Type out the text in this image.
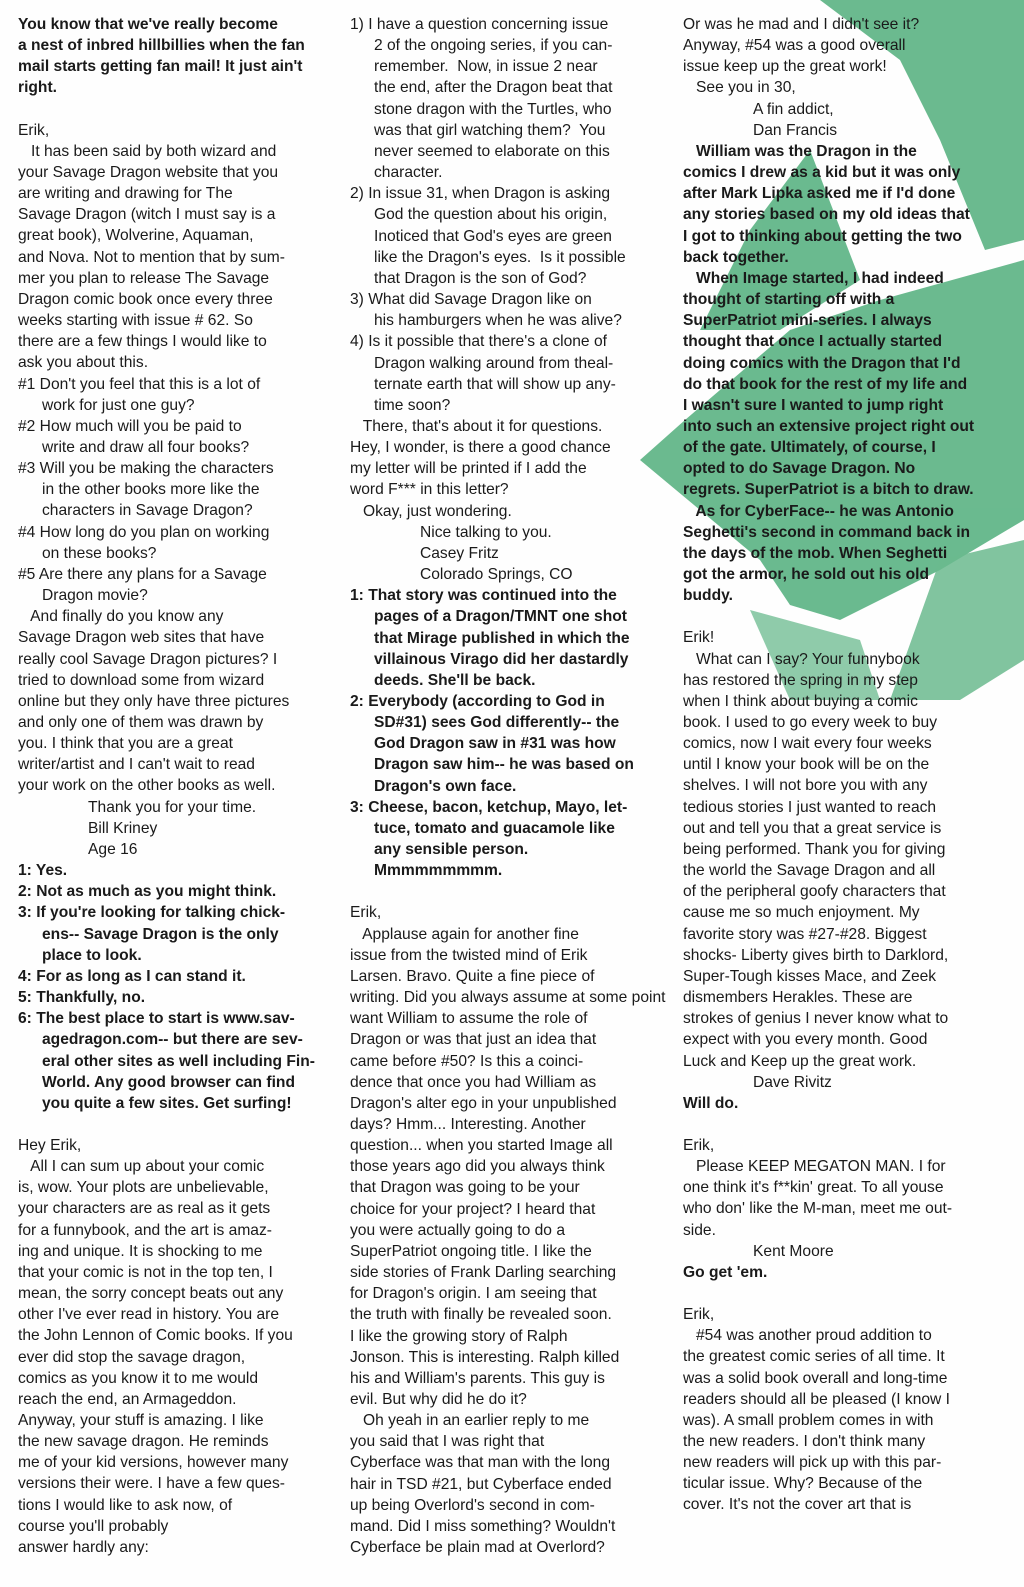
You know that we've really become
a nest of inbred hillbillies when the fan
mail starts getting fan mail! It just ain't
right.
Erik,
It has been said by both wizard and
your Savage Dragon website that you
are writing and drawing for The
Savage Dragon (witch I must say is a
great book), Wolverine, Aquaman,
and Nova. Not to mention that by sum-
mer you plan to release The Savage
Dragon comic book once every three
weeks starting with issue # 62. So
there are a few things I would like to
ask you about this.
#1 Don't you feel that this is a lot of
work for just one guy?
#2 How much will you be paid to
write and draw all four books?
#3 Will you be making the characters
in the other books more like the
characters in Savage Dragon?
#4 How long do you plan on working
on these books?
#5 Are there any plans for a Savage
Dragon movie?
And finally do you know any
Savage Dragon web sites that have
really cool Savage Dragon pictures? I
tried to download some from wizard
online but they only have three pictures
and only one of them was drawn by
you. I think that you are a great
writer/artist and I can't wait to read
your work on the other books as well.
Thank you for your time.
Bill Kriney
Age 16
1: Yes.
2: Not as much as you might think.
3: If you're looking for talking chick-
ens-- Savage Dragon is the only
place to look.
4: For as long as I can stand it.
5: Thankfully, no.
6: The best place to start is www.sav-
agedragon.com-- but there are sev-
eral other sites as well including Fin-
World. Any good browser can find
you quite a few sites. Get surfing!
Hey Erik,
All I can sum up about your comic
is, wow. Your plots are unbelievable,
your characters are as real as it gets
for a funnybook, and the art is amaz-
ing and unique. It is shocking to me
that your comic is not in the top ten, I
mean, the sorry concept beats out any
other I've ever read in history. You are
the John Lennon of Comic books. If you
ever did stop the savage dragon,
comics as you know it to me would
reach the end, an Armageddon.
Anyway, your stuff is amazing. I like
the new savage dragon. He reminds
me of your kid versions, however many
versions their were. I have a few ques-
tions I would like to ask now, of
course you'll probably
answer hardly any:
1) I have a question concerning issue
2 of the ongoing series, if you can-
remember.  Now, in issue 2 near
the end, after the Dragon beat that
stone dragon with the Turtles, who
was that girl watching them?  You
never seemed to elaborate on this
character.
2) In issue 31, when Dragon is asking
God the question about his origin,
Inoticed that God's eyes are green
like the Dragon's eyes.  Is it possible
that Dragon is the son of God?
3) What did Savage Dragon like on
his hamburgers when he was alive?
4) Is it possible that there's a clone of
Dragon walking around from theal-
ternate earth that will show up any-
time soon?
There, that's about it for questions.
Hey, I wonder, is there a good chance
my letter will be printed if I add the
word F*** in this letter?
Okay, just wondering.
Nice talking to you.
Casey Fritz
Colorado Springs, CO
1: That story was continued into the
pages of a Dragon/TMNT one shot
that Mirage published in which the
villainous Virago did her dastardly
deeds. She'll be back.
2: Everybody (according to God in
SD#31) sees God differently-- the
God Dragon saw in #31 was how
Dragon saw him-- he was based on
Dragon's own face.
3: Cheese, bacon, ketchup, Mayo, let-
tuce, tomato and guacamole like
any sensible person.
Mmmmmmmmm.
Erik,
Applause again for another fine
issue from the twisted mind of Erik
Larsen. Bravo. Quite a fine piece of
writing. Did you always assume at some point
want William to assume the role of
Dragon or was that just an idea that
came before #50? Is this a coinci-
dence that once you had William as
Dragon's alter ego in your unpublished
days? Hmm... Interesting. Another
question... when you started Image all
those years ago did you always think
that Dragon was going to be your
choice for your project? I heard that
you were actually going to do a
SuperPatriot ongoing title. I like the
side stories of Frank Darling searching
for Dragon's origin. I am seeing that
the truth with finally be revealed soon.
I like the growing story of Ralph
Jonson. This is interesting. Ralph killed
his and William's parents. This guy is
evil. But why did he do it?
Oh yeah in an earlier reply to me
you said that I was right that
Cyberface was that man with the long
hair in TSD #21, but Cyberface ended
up being Overlord's second in com-
mand. Did I miss something? Wouldn't
Cyberface be plain mad at Overlord?
Or was he mad and I didn't see it?
Anyway, #54 was a good overall
issue keep up the great work!
See you in 30,
A fin addict,
Dan Francis
William was the Dragon in the
comics I drew as a kid but it was only
after Mark Lipka asked me if I'd done
any stories based on my old ideas that
I got to thinking about getting the two
back together.
When Image started, I had indeed
thought of starting off with a
SuperPatriot mini-series. I always
thought that once I actually started
doing comics with the Dragon that I'd
do that book for the rest of my life and
I wasn't sure I wanted to jump right
into such an extensive project right out
of the gate. Ultimately, of course, I
opted to do Savage Dragon. No
regrets. SuperPatriot is a bitch to draw.
As for CyberFace-- he was Antonio
Seghetti's second in command back in
the days of the mob. When Seghetti
got the armor, he sold out his old
buddy.
Erik!
What can I say? Your funnybook
has restored the spring in my step
when I think about buying a comic
book. I used to go every week to buy
comics, now I wait every four weeks
until I know your book will be on the
shelves. I will not bore you with any
tedious stories I just wanted to reach
out and tell you that a great service is
being performed. Thank you for giving
the world the Savage Dragon and all
of the peripheral goofy characters that
cause me so much enjoyment. My
favorite story was #27-#28. Biggest
shocks- Liberty gives birth to Darklord,
Super-Tough kisses Mace, and Zeek
dismembers Herakles. These are
strokes of genius I never know what to
expect with you every month. Good
Luck and Keep up the great work.
Dave Rivitz
Will do.
Erik,
Please KEEP MEGATON MAN. I for
one think it's f**kin' great. To all youse
who don' like the M-man, meet me out-
side.
Kent Moore
Go get 'em.
Erik,
#54 was another proud addition to
the greatest comic series of all time. It
was a solid book overall and long-time
readers should all be pleased (I know I
was). A small problem comes in with
the new readers. I don't think many
new readers will pick up with this par-
ticular issue. Why? Because of the
cover. It's not the cover art that is
